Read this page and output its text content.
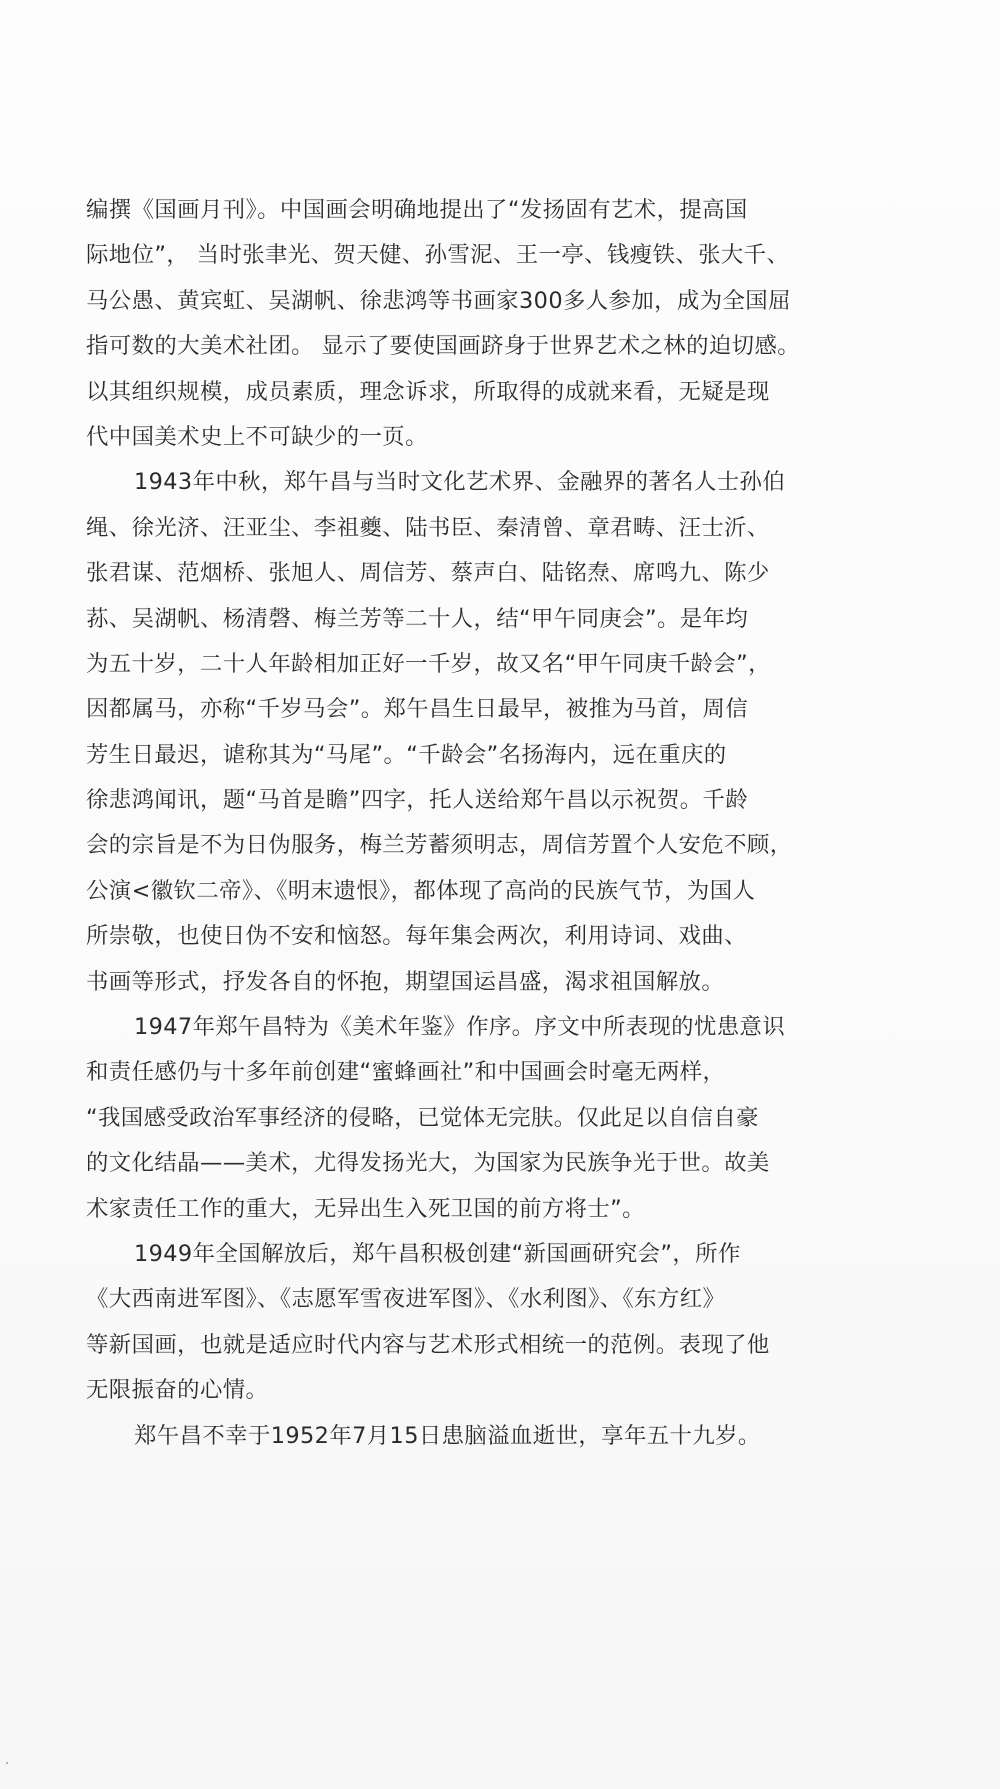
编撰《国画月刊》。中国画会明确地提出了“发扬固有艺术，提高国
际地位”， 当时张聿光、贺天健、孙雪泥、王一亭、钱瘦铁、张大千、
马公愚、黄宾虹、吴湖帆、徐悲鸿等书画家300多人参加，成为全国屈
指可数的大美术社团。 显示了要使国画跻身于世界艺术之林的迫切感。
以其组织规模，成员素质，理念诉求，所取得的成就来看，无疑是现
代中国美术史上不可缺少的一页。
1943年中秋，郑午昌与当时文化艺术界、金融界的著名人士孙伯
绳、徐光济、汪亚尘、李祖夔、陆书臣、秦清曾、章君畴、汪士沂、
张君谋、范烟桥、张旭人、周信芳、蔡声白、陆铭焘、席鸣九、陈少
荪、吴湖帆、杨清磬、梅兰芳等二十人，结“甲午同庚会”。是年均
为五十岁，二十人年龄相加正好一千岁，故又名“甲午同庚千龄会”，
因都属马，亦称“千岁马会”。郑午昌生日最早，被推为马首，周信
芳生日最迟，谑称其为“马尾”。“千龄会”名扬海内，远在重庆的
徐悲鸿闻讯，题“马首是瞻”四字，托人送给郑午昌以示祝贺。千龄
会的宗旨是不为日伪服务，梅兰芳蓄须明志，周信芳置个人安危不顾，
公演<徽钦二帝》、《明末遗恨》，都体现了高尚的民族气节，为国人
所崇敬，也使日伪不安和恼怒。每年集会两次，利用诗词、戏曲、
书画等形式，抒发各自的怀抱，期望国运昌盛，渴求祖国解放。
1947年郑午昌特为《美术年鉴》作序。序文中所表现的忧患意识
和责任感仍与十多年前创建“蜜蜂画社”和中国画会时毫无两样，
“我国感受政治军事经济的侵略，已觉体无完肤。仅此足以自信自豪
的文化结晶——美术，尤得发扬光大，为国家为民族争光于世。故美
术家责任工作的重大，无异出生入死卫国的前方将士”。
1949年全国解放后，郑午昌积极创建“新国画研究会”，所作
《大西南进军图》、《志愿军雪夜进军图》、《水利图》、《东方红》
等新国画，也就是适应时代内容与艺术形式相统一的范例。表现了他
无限振奋的心情。
郑午昌不幸于1952年7月15日患脑溢血逝世，享年五十九岁。
